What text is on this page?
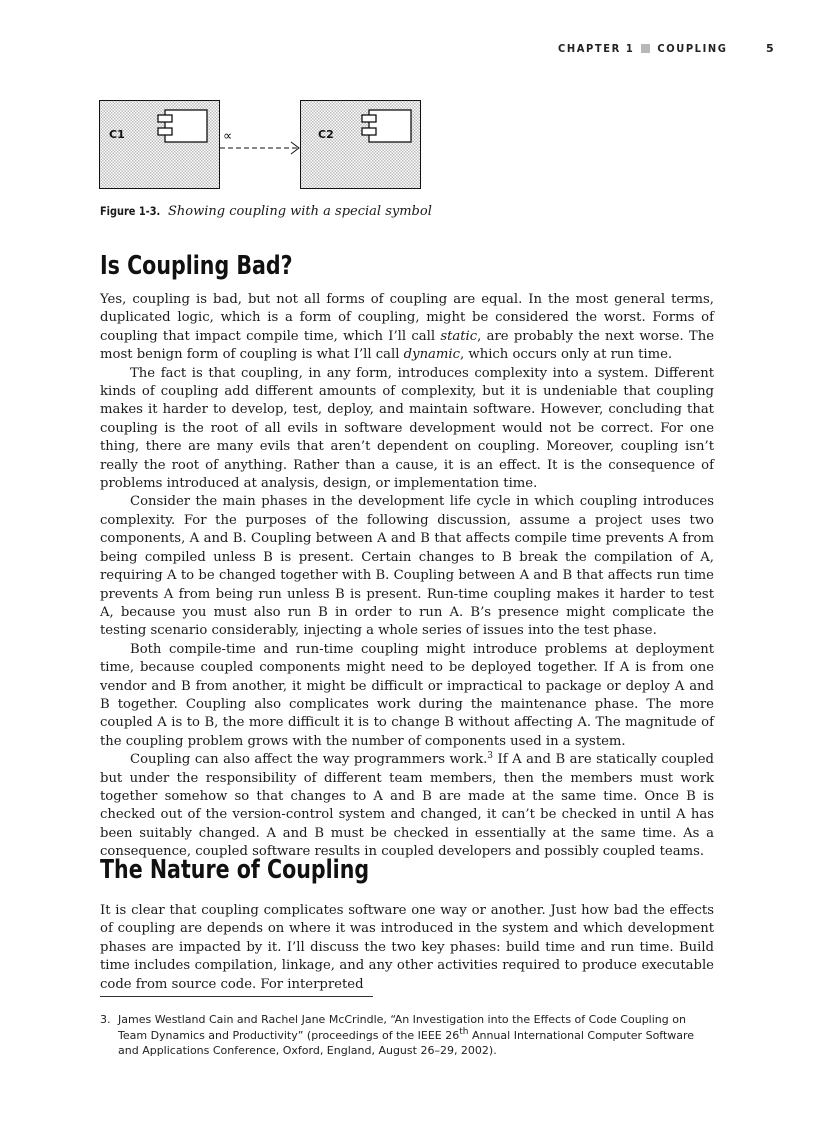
CHAPTER 1 COUPLING	5
C1	C2
∝
Figure 1-3. Showing coupling with a special symbol
Is Coupling Bad?

Yes, coupling is bad, but not all forms of coupling are equal. In the most general terms, duplicated logic, which is a form of coupling, might be considered the worst. Forms of coupling that impact compile time, which I’ll call static, are probably the next worse. The most benign form of coupling is what I’ll call dynamic, which occurs only at run time.

The fact is that coupling, in any form, introduces complexity into a system. Different kinds of coupling add different amounts of complexity, but it is undeniable that coupling makes it harder to develop, test, deploy, and maintain software. However, concluding that coupling is the root of all evils in software development would not be correct. For one thing, there are many evils that aren’t dependent on coupling. Moreover, coupling isn’t really the root of anything. Rather than a cause, it is an effect. It is the consequence of problems introduced at analysis, design, or implementation time.

Consider the main phases in the development life cycle in which coupling introduces complexity. For the purposes of the following discussion, assume a project uses two components, A and B. Coupling between A and B that affects compile time prevents A from being compiled unless B is present. Certain changes to B break the compilation of A, requiring A to be changed together with B. Coupling between A and B that affects run time prevents A from being run unless B is present. Run-time coupling makes it harder to test A, because you must also run B in order to run A. B’s presence might complicate the testing scenario considerably, injecting a whole series of issues into the test phase.

Both compile-time and run-time coupling might introduce problems at deployment time, because coupled components might need to be deployed together. If A is from one vendor and B from another, it might be difficult or impractical to package or deploy A and B together. Coupling also complicates work during the maintenance phase. The more coupled A is to B, the more difficult it is to change B without affecting A. The magnitude of the coupling problem grows with the number of components used in a system.

Coupling can also affect the way programmers work.$^3$ If A and B are statically coupled but under the responsibility of different team members, then the members must work together somehow so that changes to A and B are made at the same time. Once B is checked out of the version-control system and changed, it can’t be checked in until A has been suitably changed. A and B must be checked in essentially at the same time. As a consequence, coupled software results in coupled developers and possibly coupled teams.

The Nature of Coupling

It is clear that coupling complicates software one way or another. Just how bad the effects of coupling are depends on where it was introduced in the system and which development phases are impacted by it. I’ll discuss the two key phases: build time and run time. Build time includes compilation, linkage, and any other activities required to produce executable code from source code. For interpreted

3. James Westland Cain and Rachel Jane McCrindle, “An Investigation into the Effects of Code Coupling on Team Dynamics and Productivity” (proceedings of the IEEE 26th Annual International Computer Software and Applications Conference, Oxford, England, August 26–29, 2002).
